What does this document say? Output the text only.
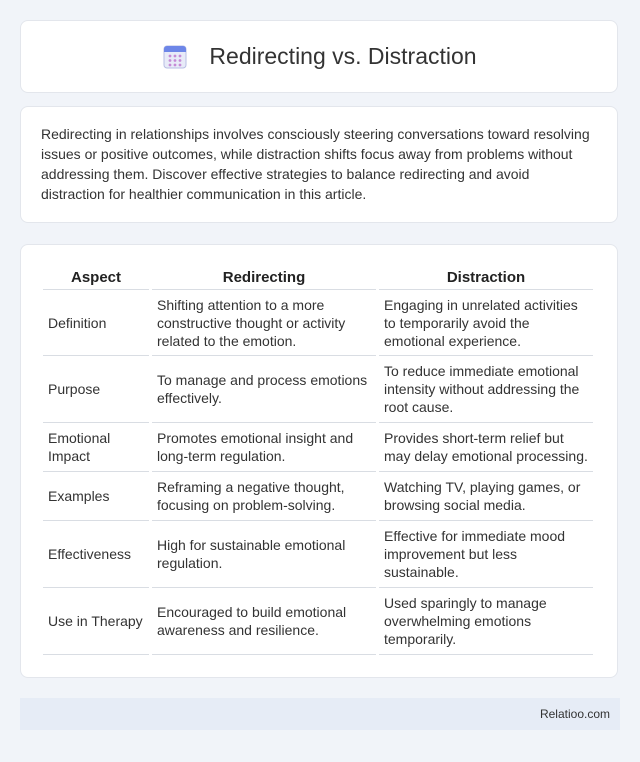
Redirecting vs. Distraction

Redirecting in relationships involves consciously steering conversations toward resolving issues or positive outcomes, while distraction shifts focus away from problems without addressing them. Discover effective strategies to balance redirecting and avoid distraction for healthier communication in this article.

Aspect	Redirecting	Distraction
Definition	Shifting attention to a more constructive thought or activity related to the emotion.	Engaging in unrelated activities to temporarily avoid the emotional experience.
Purpose	To manage and process emotions effectively.	To reduce immediate emotional intensity without addressing the root cause.
Emotional Impact	Promotes emotional insight and long-term regulation.	Provides short-term relief but may delay emotional processing.
Examples	Reframing a negative thought, focusing on problem-solving.	Watching TV, playing games, or browsing social media.
Effectiveness	High for sustainable emotional regulation.	Effective for immediate mood improvement but less sustainable.
Use in Therapy	Encouraged to build emotional awareness and resilience.	Used sparingly to manage overwhelming emotions temporarily.
Relatioo.com
